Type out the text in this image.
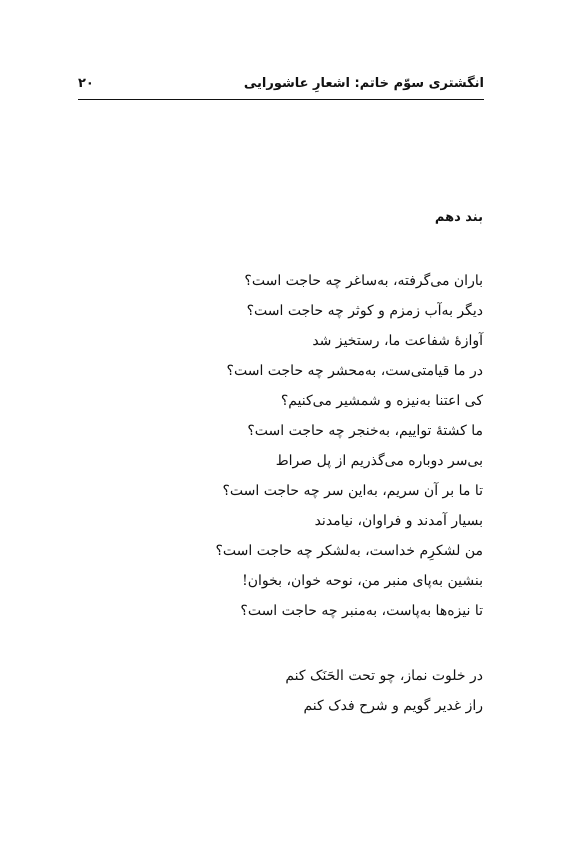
انگشتری سوّم خاتم: اشعارِ عاشورایی
۲۰
بند دهم
باران می‌گرفته، به‌ساغر چه حاجت است؟
دیگر به‌آب زمزم و کوثر چه حاجت است؟
آوازهٔ شفاعت ما، رستخیز شد
در ما قیامتی‌ست، به‌محشر چه حاجت است؟
کی اعتنا به‌نیزه و شمشیر می‌کنیم؟
ما کشتهٔ تواییم، به‌خنجر چه حاجت است؟
بی‌سر دوباره می‌گذریم از پل صراط
تا ما بر آن سریم، به‌این سر چه حاجت است؟
بسیار آمدند و فراوان، نیامدند
من لشکرِم خداست، به‌لشکر چه حاجت است؟
بنشین به‌پای منبر من، نوحه خوان، بخوان!
تا نیزه‌ها به‌پاست، به‌منبر چه حاجت است؟
در خلوت نماز، چو تحت الحَنَک کنم
راز غدیر گویم و شرح فدک کنم
